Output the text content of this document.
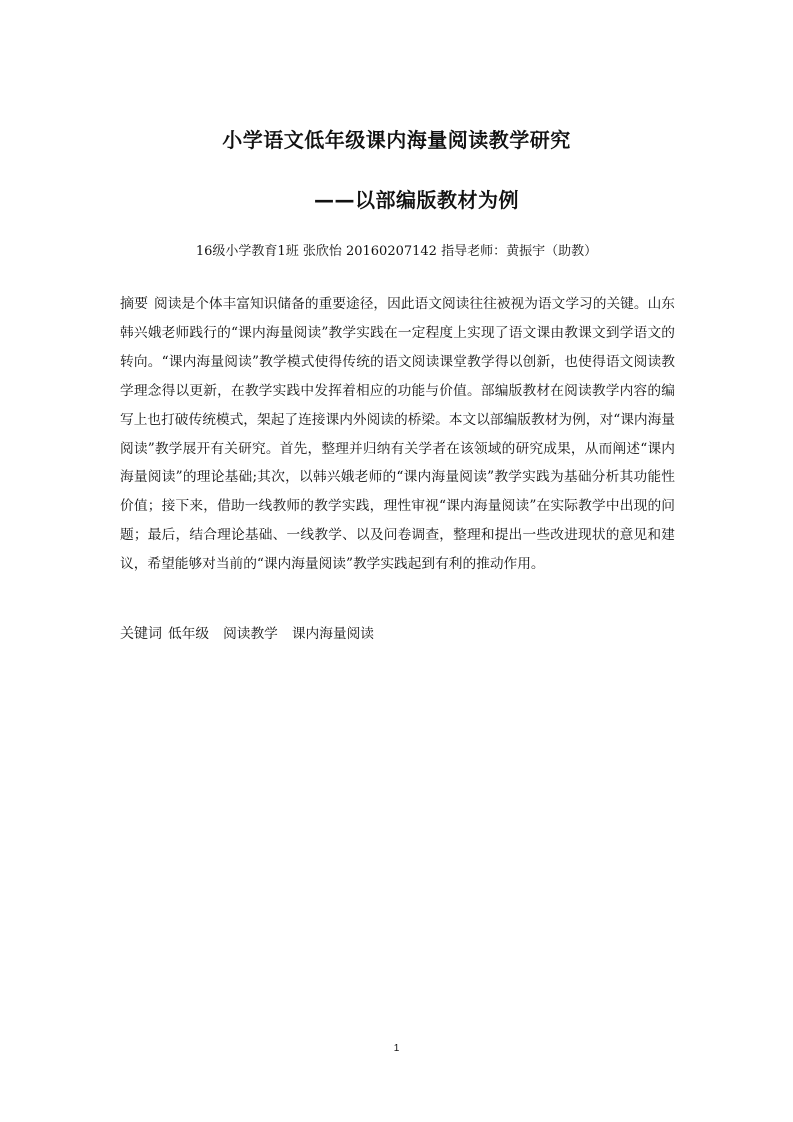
小学语文低年级课内海量阅读教学研究
——以部编版教材为例

16级小学教育1班 张欣怡 20160207142 指导老师：黄振宇（助教）

摘要 阅读是个体丰富知识储备的重要途径，因此语文阅读往往被视为语文学习的关键。山东韩兴娥老师践行的“课内海量阅读”教学实践在一定程度上实现了语文课由教课文到学语文的转向。“课内海量阅读”教学模式使得传统的语文阅读课堂教学得以创新，也使得语文阅读教学理念得以更新，在教学实践中发挥着相应的功能与价值。部编版教材在阅读教学内容的编写上也打破传统模式，架起了连接课内外阅读的桥梁。本文以部编版教材为例，对“课内海量阅读”教学展开有关研究。首先，整理并归纳有关学者在该领域的研究成果，从而阐述“课内海量阅读”的理论基础;其次，以韩兴娥老师的“课内海量阅读”教学实践为基础分析其功能性价值；接下来，借助一线教师的教学实践，理性审视“课内海量阅读”在实际教学中出现的问题；最后，结合理论基础、一线教学、以及问卷调查，整理和提出一些改进现状的意见和建议，希望能够对当前的“课内海量阅读”教学实践起到有利的推动作用。

关键词 低年级 阅读教学 课内海量阅读

1
